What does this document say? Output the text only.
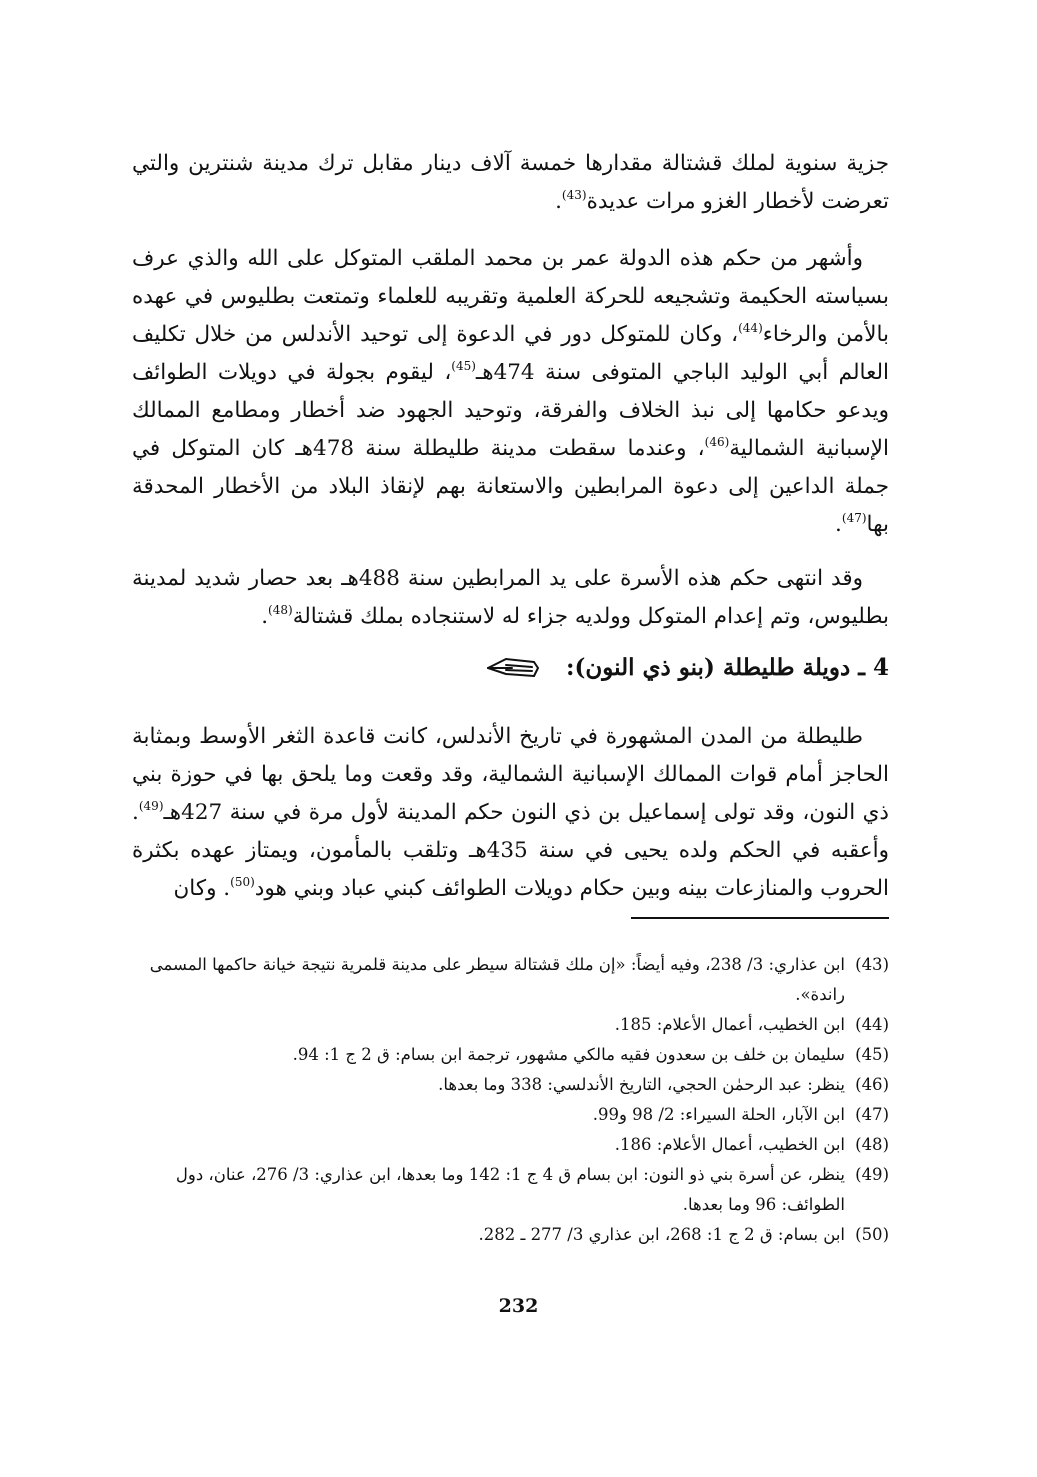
جزية سنوية لملك قشتالة مقدارها خمسة آلاف دينار مقابل ترك مدينة شنترين والتي تعرضت لأخطار الغزو مرات عديدة$^{(43)}$.

وأشهر من حكم هذه الدولة عمر بن محمد الملقب المتوكل على الله والذي عرف بسياسته الحكيمة وتشجيعه للحركة العلمية وتقريبه للعلماء وتمتعت بطليوس في عهده بالأمن والرخاء$^{(44)}$، وكان للمتوكل دور في الدعوة إلى توحيد الأندلس من خلال تكليف العالم أبي الوليد الباجي المتوفى سنة 474هـ$^{(45)}$، ليقوم بجولة في دويلات الطوائف ويدعو حكامها إلى نبذ الخلاف والفرقة، وتوحيد الجهود ضد أخطار ومطامع الممالك الإسبانية الشمالية$^{(46)}$، وعندما سقطت مدينة طليطلة سنة 478هـ كان المتوكل في جملة الداعين إلى دعوة المرابطين والاستعانة بهم لإنقاذ البلاد من الأخطار المحدقة بها$^{(47)}$.

وقد انتهى حكم هذه الأسرة على يد المرابطين سنة 488هـ بعد حصار شديد لمدينة بطليوس، وتم إعدام المتوكل وولديه جزاء له لاستنجاده بملك قشتالة$^{(48)}$.

4 ـ دويلة طليطلة (بنو ذي النون):

طليطلة من المدن المشهورة في تاريخ الأندلس، كانت قاعدة الثغر الأوسط وبمثابة الحاجز أمام قوات الممالك الإسبانية الشمالية، وقد وقعت وما يلحق بها في حوزة بني ذي النون، وقد تولى إسماعيل بن ذي النون حكم المدينة لأول مرة في سنة 427هـ$^{(49)}$. وأعقبه في الحكم ولده يحيى في سنة 435هـ وتلقب بالمأمون، ويمتاز عهده بكثرة الحروب والمنازعات بينه وبين حكام دويلات الطوائف كبني عباد وبني هود$^{(50)}$. وكان

(43)
ابن عذاري: 3/ 238، وفيه أيضاً: «إن ملك قشتالة سيطر على مدينة قلمرية نتيجة خيانة حاكمها المسمى راندة».
(44)
ابن الخطيب، أعمال الأعلام: 185.
(45)
سليمان بن خلف بن سعدون فقيه مالكي مشهور، ترجمة ابن بسام: ق 2 ج 1: 94.
(46)
ينظر: عبد الرحمٰن الحجي، التاريخ الأندلسي: 338 وما بعدها.
(47)
ابن الآبار، الحلة السيراء: 2/ 98 و99.
(48)
ابن الخطيب، أعمال الأعلام: 186.
(49)
ينظر، عن أسرة بني ذو النون: ابن بسام ق 4 ج 1: 142 وما بعدها، ابن عذاري: 3/ 276، عنان، دول الطوائف: 96 وما بعدها.
(50)
ابن بسام: ق 2 ج 1: 268، ابن عذاري 3/ 277 ـ 282.
232
